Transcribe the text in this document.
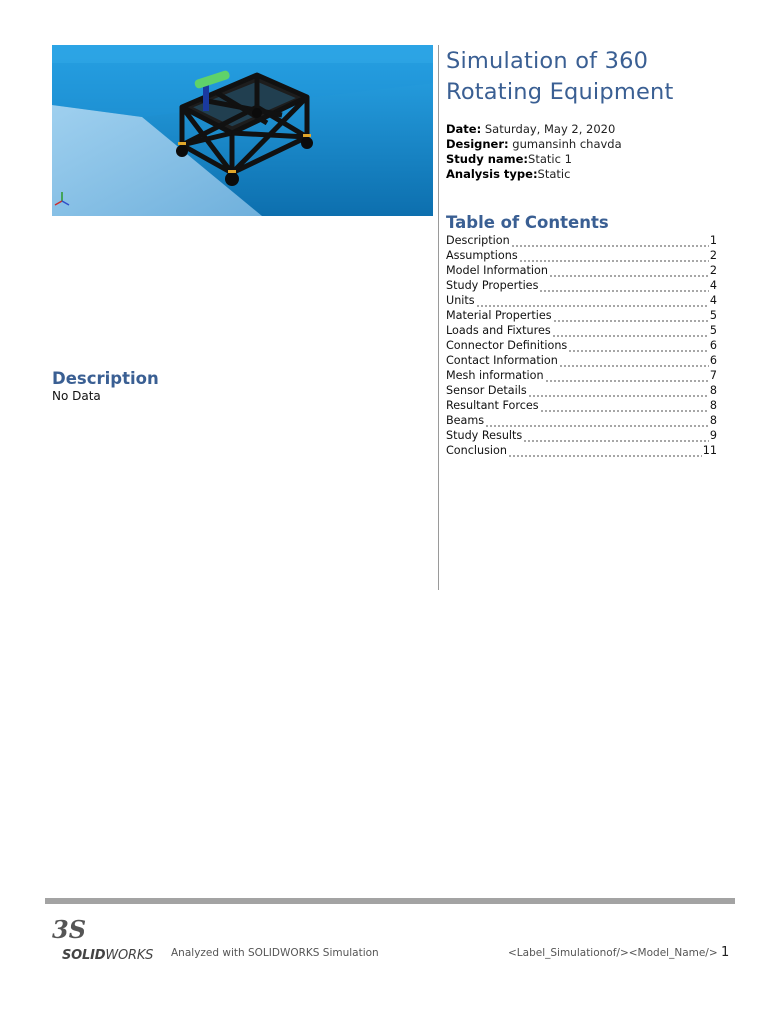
Simulation of 360
Rotating Equipment
Date: Saturday, May 2, 2020
Designer: gumansinh chavda
Study name:Static 1
Analysis type:Static
Table of Contents
Description	1
Assumptions	2
Model Information	2
Study Properties	4
Units	4
Material Properties	5
Loads and Fixtures	5
Connector Definitions	6
Contact Information	6
Mesh information	7
Sensor Details	8
Resultant Forces	8
Beams	8
Study Results	9
Conclusion	11
Description
No Data
3S
SOLIDWORKS Analyzed with SOLIDWORKS Simulation	<Label_Simulationof/><Model_Name/> 1
